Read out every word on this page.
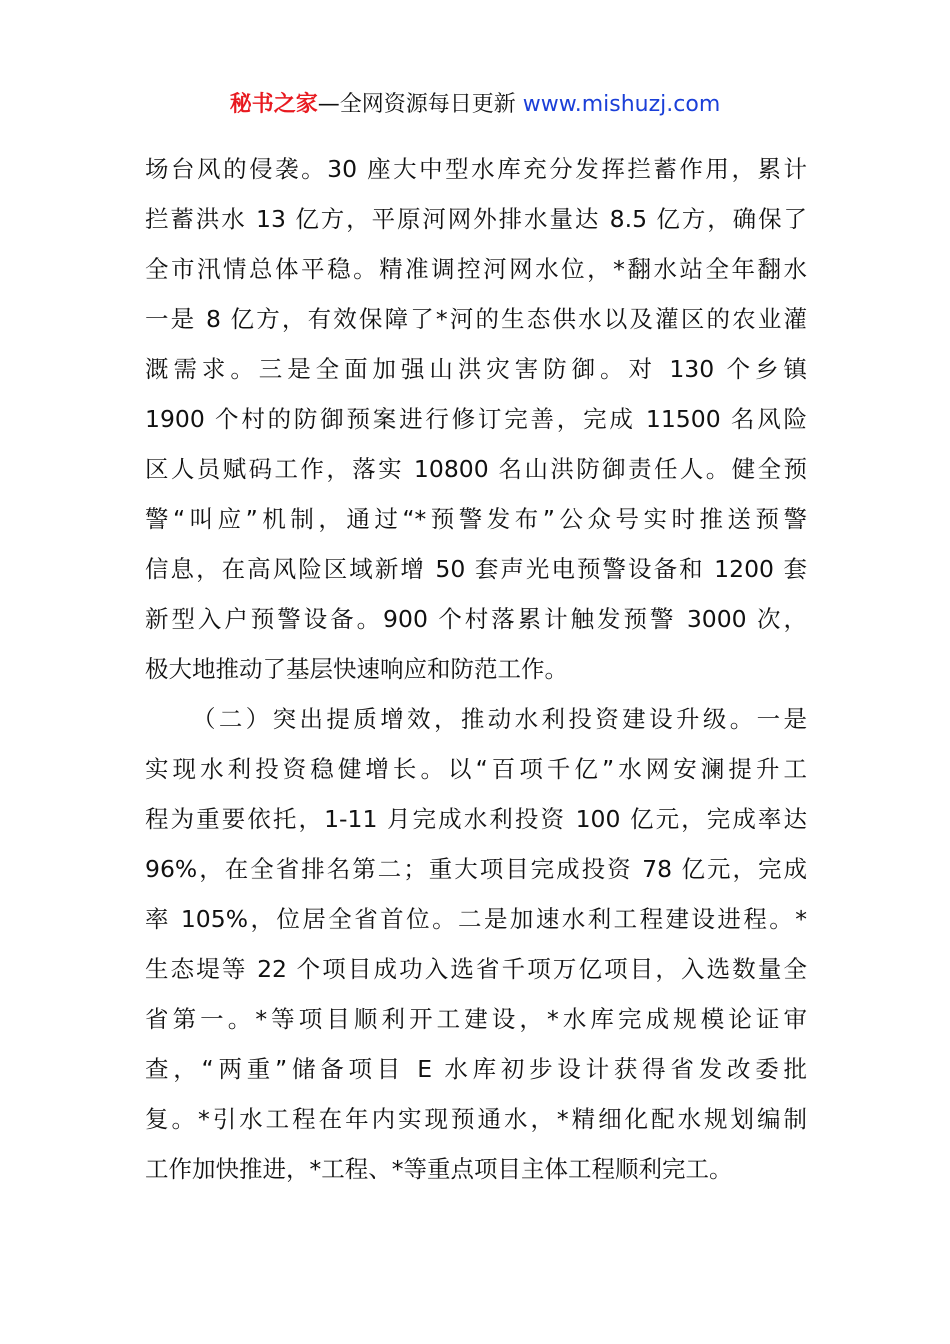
秘书之家—全网资源每日更新 www.mishuzj.com
场台风的侵袭。30 座大中型水库充分发挥拦蓄作用，累计
拦蓄洪水 13 亿方，平原河网外排水量达 8.5 亿方，确保了
全市汛情总体平稳。精准调控河网水位，*翻水站全年翻水
一是 8 亿方，有效保障了*河的生态供水以及灌区的农业灌
溉需求。三是全面加强山洪灾害防御。对 130 个乡镇
1900 个村的防御预案进行修订完善，完成 11500 名风险
区人员赋码工作，落实 10800 名山洪防御责任人。健全预
警“叫应”机制，通过“*预警发布”公众号实时推送预警
信息，在高风险区域新增 50 套声光电预警设备和 1200 套
新型入户预警设备。900 个村落累计触发预警 3000 次，
极大地推动了基层快速响应和防范工作。
（二）突出提质增效，推动水利投资建设升级。一是
实现水利投资稳健增长。以“百项千亿”水网安澜提升工
程为重要依托，1-11 月完成水利投资 100 亿元，完成率达
96%，在全省排名第二；重大项目完成投资 78 亿元，完成
率 105%，位居全省首位。二是加速水利工程建设进程。*
生态堤等 22 个项目成功入选省千项万亿项目，入选数量全
省第一。*等项目顺利开工建设，*水库完成规模论证审
查，“两重”储备项目 E 水库初步设计获得省发改委批
复。*引水工程在年内实现预通水，*精细化配水规划编制
工作加快推进，*工程、*等重点项目主体工程顺利完工。
